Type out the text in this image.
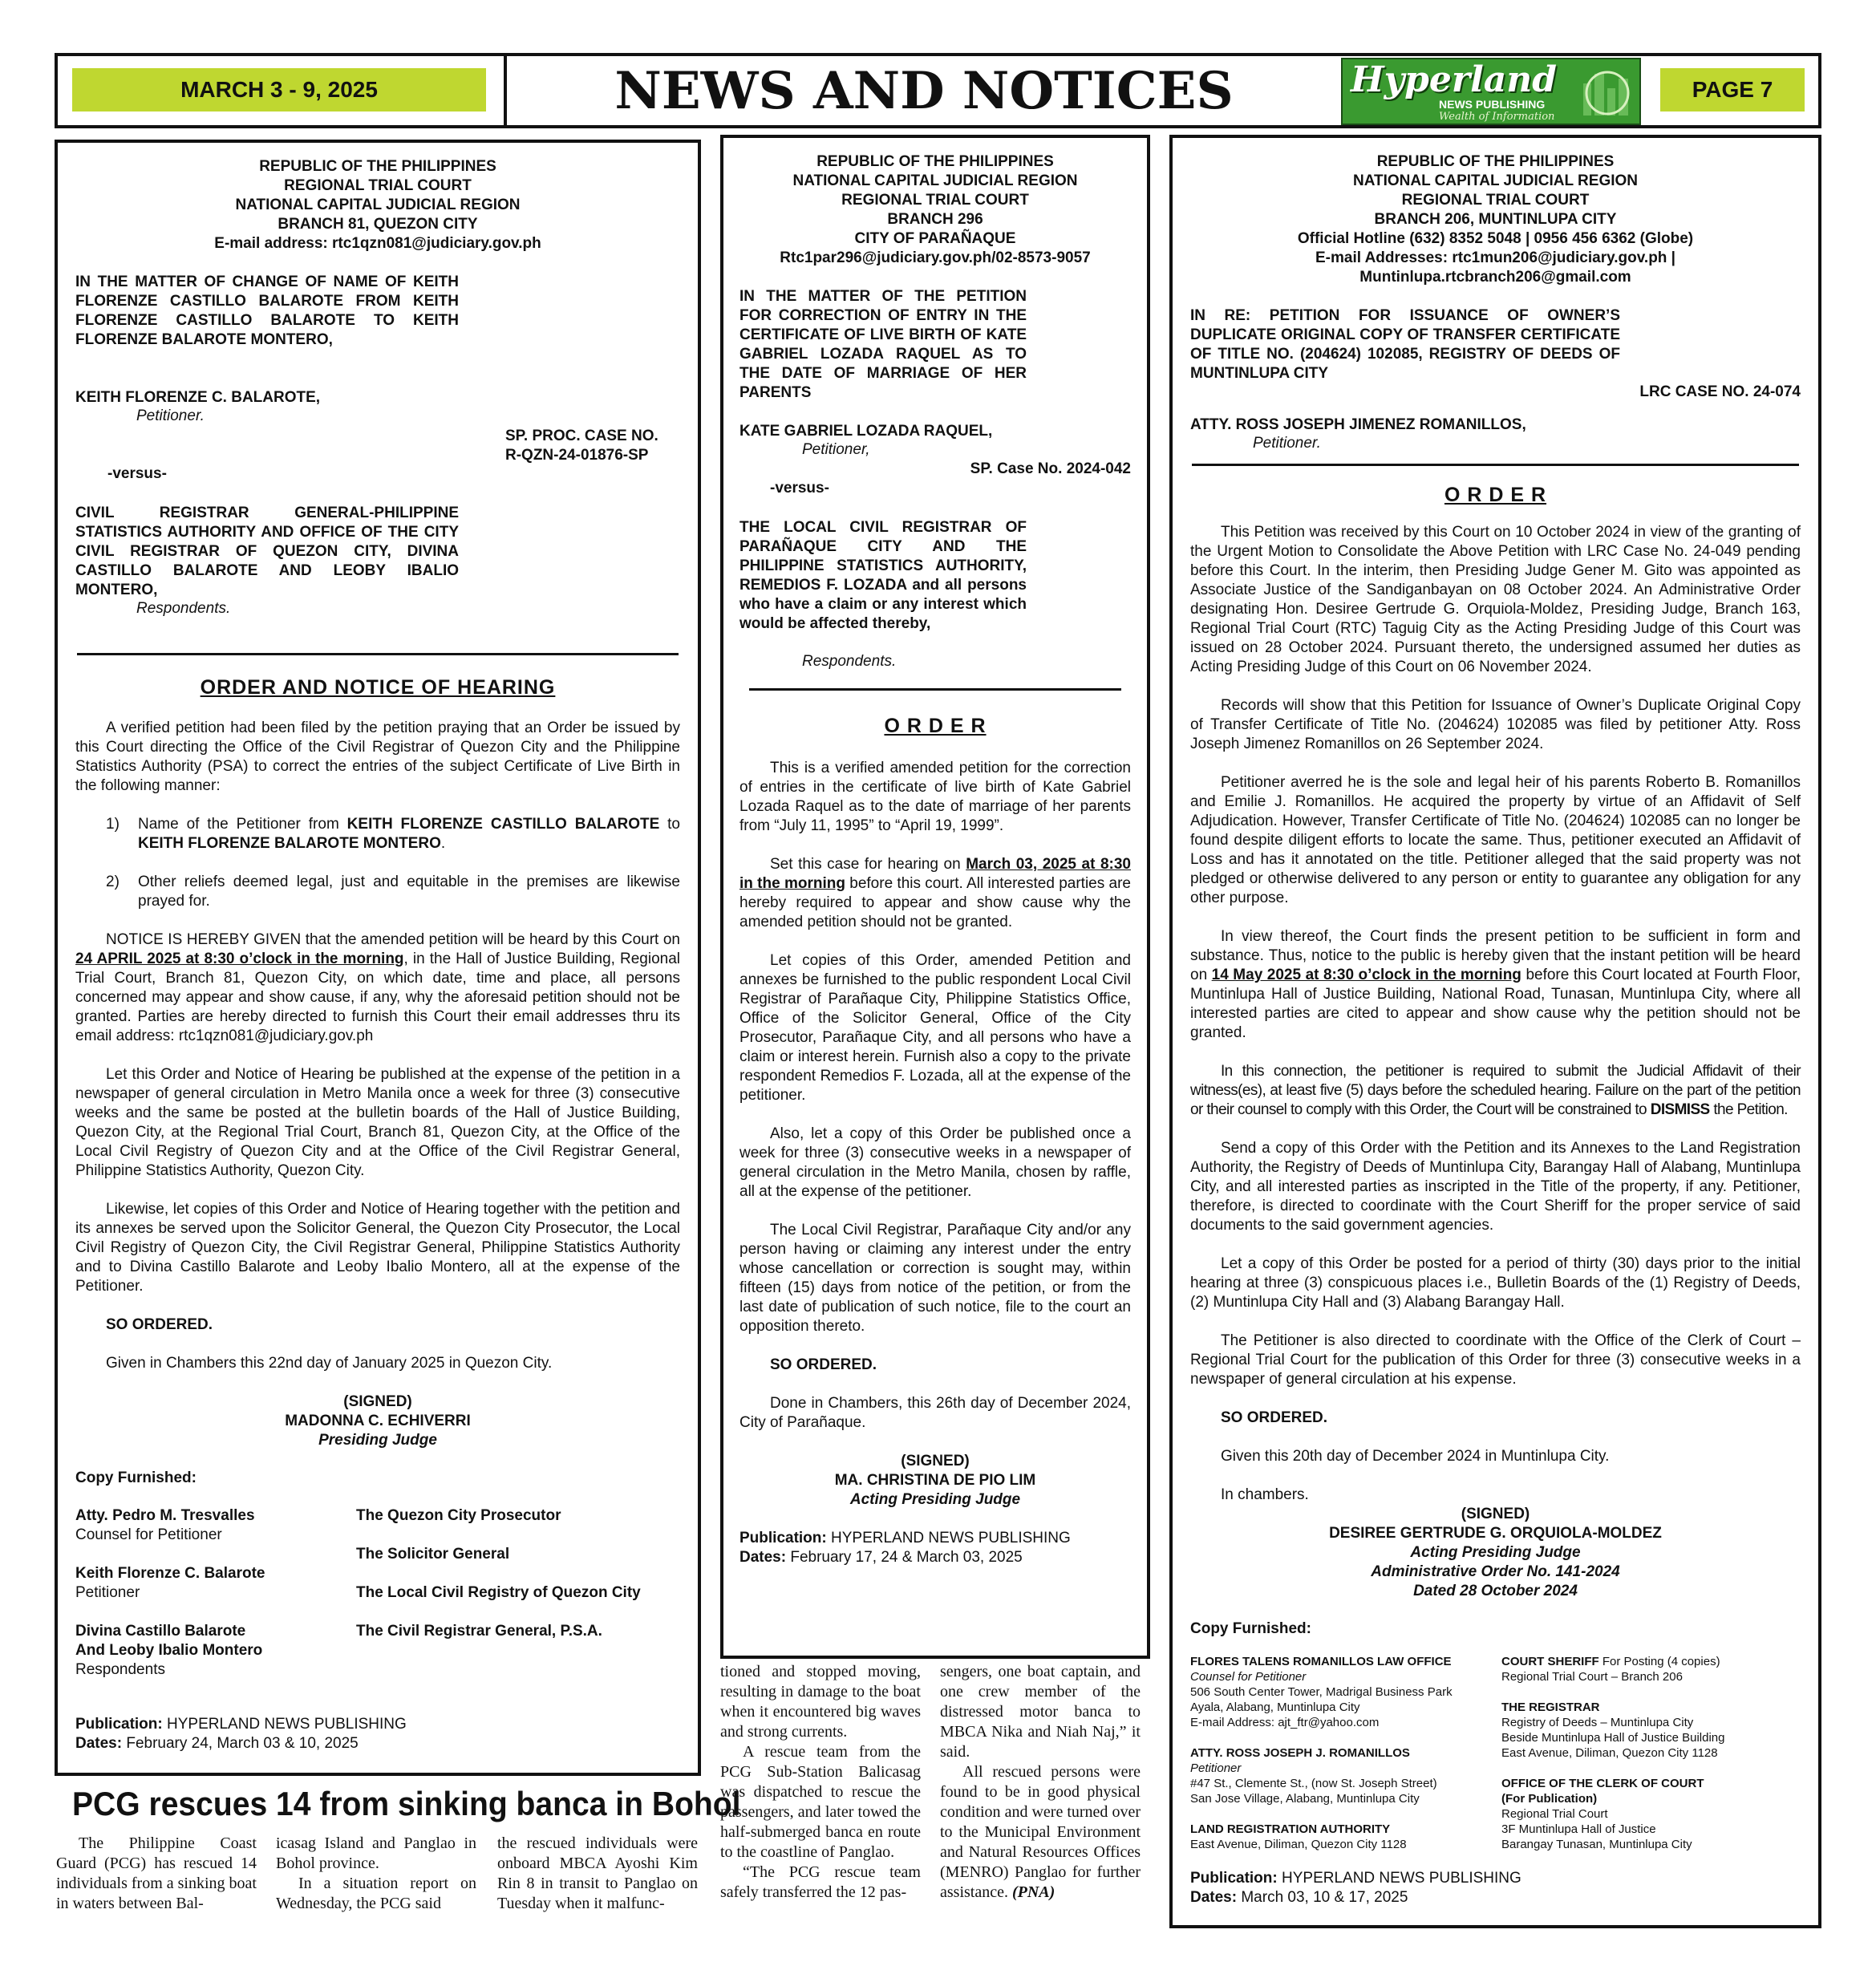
MARCH 3 - 9, 2025	NEWS AND NOTICES	Hyperland
NEWS PUBLISHING
Wealth of Information
PAGE 7
REPUBLIC OF THE PHILIPPINES
REGIONAL TRIAL COURT
NATIONAL CAPITAL JUDICIAL REGION
BRANCH 81, QUEZON CITY
E-mail address: rtc1qzn081@judiciary.gov.ph
IN THE MATTER OF CHANGE OF NAME OF KEITH FLORENZE CASTILLO BALAROTE FROM KEITH FLORENZE CASTILLO BALAROTE TO KEITH FLORENZE BALAROTE MONTERO,
KEITH FLORENZE C. BALAROTE,
Petitioner.
SP. PROC. CASE NO.
R-QZN-24-01876-SP
-versus-
CIVIL REGISTRAR GENERAL-PHILIPPINE STATISTICS AUTHORITY AND OFFICE OF THE CITY CIVIL REGISTRAR OF QUEZON CITY, DIVINA CASTILLO BALAROTE AND LEOBY IBALIO MONTERO,
Respondents.
ORDER AND NOTICE OF HEARING

A verified petition had been filed by the petition praying that an Order be issued by this Court directing the Office of the Civil Registrar of Quezon City and the Philippine Statistics Authority (PSA) to correct the entries of the subject Certificate of Live Birth in the following manner:

1)	Name of the Petitioner from KEITH FLORENZE CASTILLO BALAROTE to KEITH FLORENZE BALAROTE MONTERO.
2)	Other reliefs deemed legal, just and equitable in the premises are likewise prayed for.

NOTICE IS HEREBY GIVEN that the amended petition will be heard by this Court on 24 APRIL 2025 at 8:30 o’clock in the morning, in the Hall of Justice Building, Regional Trial Court, Branch 81, Quezon City, on which date, time and place, all persons concerned may appear and show cause, if any, why the aforesaid petition should not be granted. Parties are hereby directed to furnish this Court their email addresses thru its email address: rtc1qzn081@judiciary.gov.ph

Let this Order and Notice of Hearing be published at the expense of the petition in a newspaper of general circulation in Metro Manila once a week for three (3) consecutive weeks and the same be posted at the bulletin boards of the Hall of Justice Building, Quezon City, at the Regional Trial Court, Branch 81, Quezon City, at the Office of the Local Civil Registry of Quezon City and at the Office of the Civil Registrar General, Philippine Statistics Authority, Quezon City.

Likewise, let copies of this Order and Notice of Hearing together with the petition and its annexes be served upon the Solicitor General, the Quezon City Prosecutor, the Local Civil Registry of Quezon City, the Civil Registrar General, Philippine Statistics Authority and to Divina Castillo Balarote and Leoby Ibalio Montero, all at the expense of the Petitioner.

SO ORDERED.

Given in Chambers this 22nd day of January 2025 in Quezon City.

(SIGNED)
MADONNA C. ECHIVERRI
Presiding Judge
Copy Furnished:
Atty. Pedro M. Tresvalles
Counsel for Petitioner
Keith Florenze C. Balarote
Petitioner
Divina Castillo Balarote
And Leoby Ibalio Montero
Respondents
The Quezon City Prosecutor
The Solicitor General
The Local Civil Registry of Quezon City
The Civil Registrar General, P.S.A.
Publication: HYPERLAND NEWS PUBLISHING
Dates: February 24, March 03 & 10, 2025
REPUBLIC OF THE PHILIPPINES
NATIONAL CAPITAL JUDICIAL REGION
REGIONAL TRIAL COURT
BRANCH 296
CITY OF PARAÑAQUE
Rtc1par296@judiciary.gov.ph/02-8573-9057
IN THE MATTER OF THE PETITION FOR CORRECTION OF ENTRY IN THE CERTIFICATE OF LIVE BIRTH OF KATE GABRIEL LOZADA RAQUEL AS TO THE DATE OF MARRIAGE OF HER PARENTS
KATE GABRIEL LOZADA RAQUEL,
Petitioner,
SP. Case No. 2024-042
-versus-
THE LOCAL CIVIL REGISTRAR OF PARAÑAQUE CITY AND THE PHILIPPINE STATISTICS AUTHORITY, REMEDIOS F. LOZADA and all persons who have a claim or any interest which would be affected thereby,
Respondents.
O R D E R

This is a verified amended petition for the correction of entries in the certificate of live birth of Kate Gabriel Lozada Raquel as to the date of marriage of her parents from “July 11, 1995” to “April 19, 1999”.

Set this case for hearing on March 03, 2025 at 8:30 in the morning before this court. All interested parties are hereby required to appear and show cause why the amended petition should not be granted.

Let copies of this Order, amended Petition and annexes be furnished to the public respondent Local Civil Registrar of Parañaque City, Philippine Statistics Office, Office of the Solicitor General, Office of the City Prosecutor, Parañaque City, and all persons who have a claim or interest herein. Furnish also a copy to the private respondent Remedios F. Lozada, all at the expense of the petitioner.

Also, let a copy of this Order be published once a week for three (3) consecutive weeks in a newspaper of general circulation in the Metro Manila, chosen by raffle, all at the expense of the petitioner.

The Local Civil Registrar, Parañaque City and/or any person having or claiming any interest under the entry whose cancellation or correction is sought may, within fifteen (15) days from notice of the petition, or from the last date of publication of such notice, file to the court an opposition thereto.

SO ORDERED.

Done in Chambers, this 26th day of December 2024, City of Parañaque.

(SIGNED)
MA. CHRISTINA DE PIO LIM
Acting Presiding Judge
Publication: HYPERLAND NEWS PUBLISHING
Dates: February 17, 24 & March 03, 2025
REPUBLIC OF THE PHILIPPINES
NATIONAL CAPITAL JUDICIAL REGION
REGIONAL TRIAL COURT
BRANCH 206, MUNTINLUPA CITY
Official Hotline (632) 8352 5048 | 0956 456 6362 (Globe)
E-mail Addresses: rtc1mun206@judiciary.gov.ph |
Muntinlupa.rtcbranch206@gmail.com
IN RE: PETITION FOR ISSUANCE OF OWNER’S DUPLICATE ORIGINAL COPY OF TRANSFER CERTIFICATE OF TITLE NO. (204624) 102085, REGISTRY OF DEEDS OF MUNTINLUPA CITY
LRC CASE NO. 24-074
ATTY. ROSS JOSEPH JIMENEZ ROMANILLOS,
Petitioner.
O R D E R

This Petition was received by this Court on 10 October 2024 in view of the granting of the Urgent Motion to Consolidate the Above Petition with LRC Case No. 24-049 pending before this Court. In the interim, then Presiding Judge Gener M. Gito was appointed as Associate Justice of the Sandiganbayan on 08 October 2024. An Administrative Order designating Hon. Desiree Gertrude G. Orquiola-Moldez, Presiding Judge, Branch 163, Regional Trial Court (RTC) Taguig City as the Acting Presiding Judge of this Court was issued on 28 October 2024. Pursuant thereto, the undersigned assumed her duties as Acting Presiding Judge of this Court on 06 November 2024.

Records will show that this Petition for Issuance of Owner’s Duplicate Original Copy of Transfer Certificate of Title No. (204624) 102085 was filed by petitioner Atty. Ross Joseph Jimenez Romanillos on 26 September 2024.

Petitioner averred he is the sole and legal heir of his parents Roberto B. Romanillos and Emilie J. Romanillos. He acquired the property by virtue of an Affidavit of Self Adjudication. However, Transfer Certificate of Title No. (204624) 102085 can no longer be found despite diligent efforts to locate the same. Thus, petitioner executed an Affidavit of Loss and has it annotated on the title. Petitioner alleged that the said property was not pledged or otherwise delivered to any person or entity to guarantee any obligation for any other purpose.

In view thereof, the Court finds the present petition to be sufficient in form and substance. Thus, notice to the public is hereby given that the instant petition will be heard on 14 May 2025 at 8:30 o’clock in the morning before this Court located at Fourth Floor, Muntinlupa Hall of Justice Building, National Road, Tunasan, Muntinlupa City, where all interested parties are cited to appear and show cause why the petition should not be granted.

In this connection, the petitioner is required to submit the Judicial Affidavit of their witness(es), at least five (5) days before the scheduled hearing. Failure on the part of the petition or their counsel to comply with this Order, the Court will be constrained to DISMISS the Petition.

Send a copy of this Order with the Petition and its Annexes to the Land Registration Authority, the Registry of Deeds of Muntinlupa City, Barangay Hall of Alabang, Muntinlupa City, and all interested parties as inscripted in the Title of the property, if any. Petitioner, therefore, is directed to coordinate with the Court Sheriff for the proper service of said documents to the said government agencies.

Let a copy of this Order be posted for a period of thirty (30) days prior to the initial hearing at three (3) conspicuous places i.e., Bulletin Boards of the (1) Registry of Deeds, (2) Muntinlupa City Hall and (3) Alabang Barangay Hall.

The Petitioner is also directed to coordinate with the Office of the Clerk of Court – Regional Trial Court for the publication of this Order for three (3) consecutive weeks in a newspaper of general circulation at his expense.

SO ORDERED.

Given this 20th day of December 2024 in Muntinlupa City.

In chambers.

(SIGNED)
DESIREE GERTRUDE G. ORQUIOLA-MOLDEZ
Acting Presiding Judge
Administrative Order No. 141-2024
Dated 28 October 2024
Copy Furnished:
FLORES TALENS ROMANILLOS LAW OFFICE
Counsel for Petitioner
506 South Center Tower, Madrigal Business Park
Ayala, Alabang, Muntinlupa City
E-mail Address: ajt_ftr@yahoo.com
ATTY. ROSS JOSEPH J. ROMANILLOS
Petitioner
#47 St., Clemente St., (now St. Joseph Street)
San Jose Village, Alabang, Muntinlupa City
LAND REGISTRATION AUTHORITY
East Avenue, Diliman, Quezon City 1128
COURT SHERIFF For Posting (4 copies)
Regional Trial Court – Branch 206
THE REGISTRAR
Registry of Deeds – Muntinlupa City
Beside Muntinlupa Hall of Justice Building
East Avenue, Diliman, Quezon City 1128
OFFICE OF THE CLERK OF COURT
(For Publication)
Regional Trial Court
3F Muntinlupa Hall of Justice
Barangay Tunasan, Muntinlupa City
Publication: HYPERLAND NEWS PUBLISHING
Dates: March 03, 10 & 17, 2025
PCG rescues 14 from sinking banca in Bohol

The Philippine Coast Guard (PCG) has rescued 14 individuals from a sinking boat in waters between Bal-

icasag Island and Panglao in Bohol province.

In a situation report on Wednesday, the PCG said

the rescued individuals were onboard MBCA Ayoshi Kim Rin 8 in transit to Panglao on Tuesday when it malfunc-

tioned and stopped moving, resulting in damage to the boat when it encountered big waves and strong currents.

A rescue team from the PCG Sub-Station Balicasag was dispatched to rescue the passengers, and later towed the half-submerged banca en route to the coastline of Panglao.

“The PCG rescue team safely transferred the 12 pas-

sengers, one boat captain, and one crew member of the distressed motor banca to MBCA Nika and Niah Naj,” it said.

All rescued persons were found to be in good physical condition and were turned over to the Municipal Environment and Natural Resources Offices (MENRO) Panglao for further assistance. (PNA)
